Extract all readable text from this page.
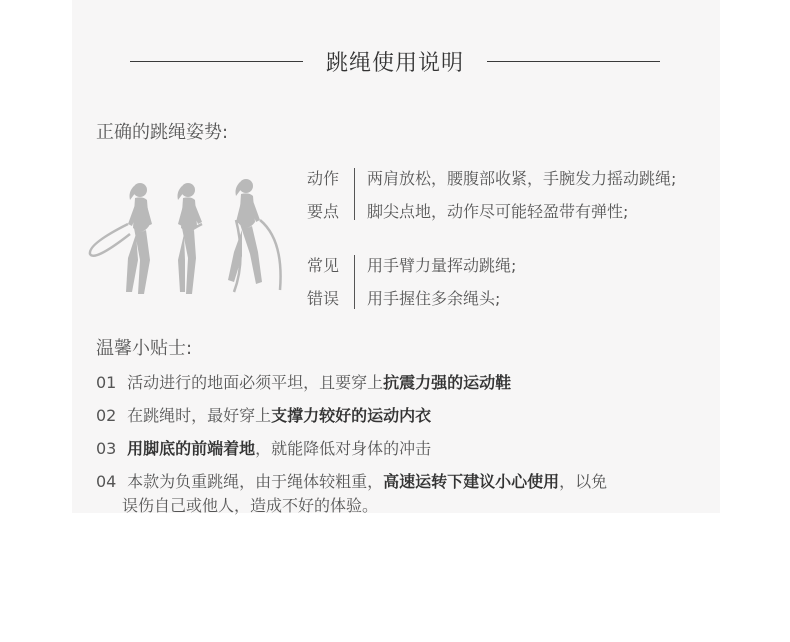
跳绳使用说明
正确的跳绳姿势:
动作
要点
两肩放松，腰腹部收紧，手腕发力摇动跳绳;
脚尖点地，动作尽可能轻盈带有弹性;
常见
错误
用手臂力量挥动跳绳;
用手握住多余绳头;
温馨小贴士:
01 活动进行的地面必须平坦，且要穿上抗震力强的运动鞋
02 在跳绳时，最好穿上支撑力较好的运动内衣
03 用脚底的前端着地，就能降低对身体的冲击
04 本款为负重跳绳，由于绳体较粗重，高速运转下建议小心使用，以免
误伤自己或他人，造成不好的体验。
